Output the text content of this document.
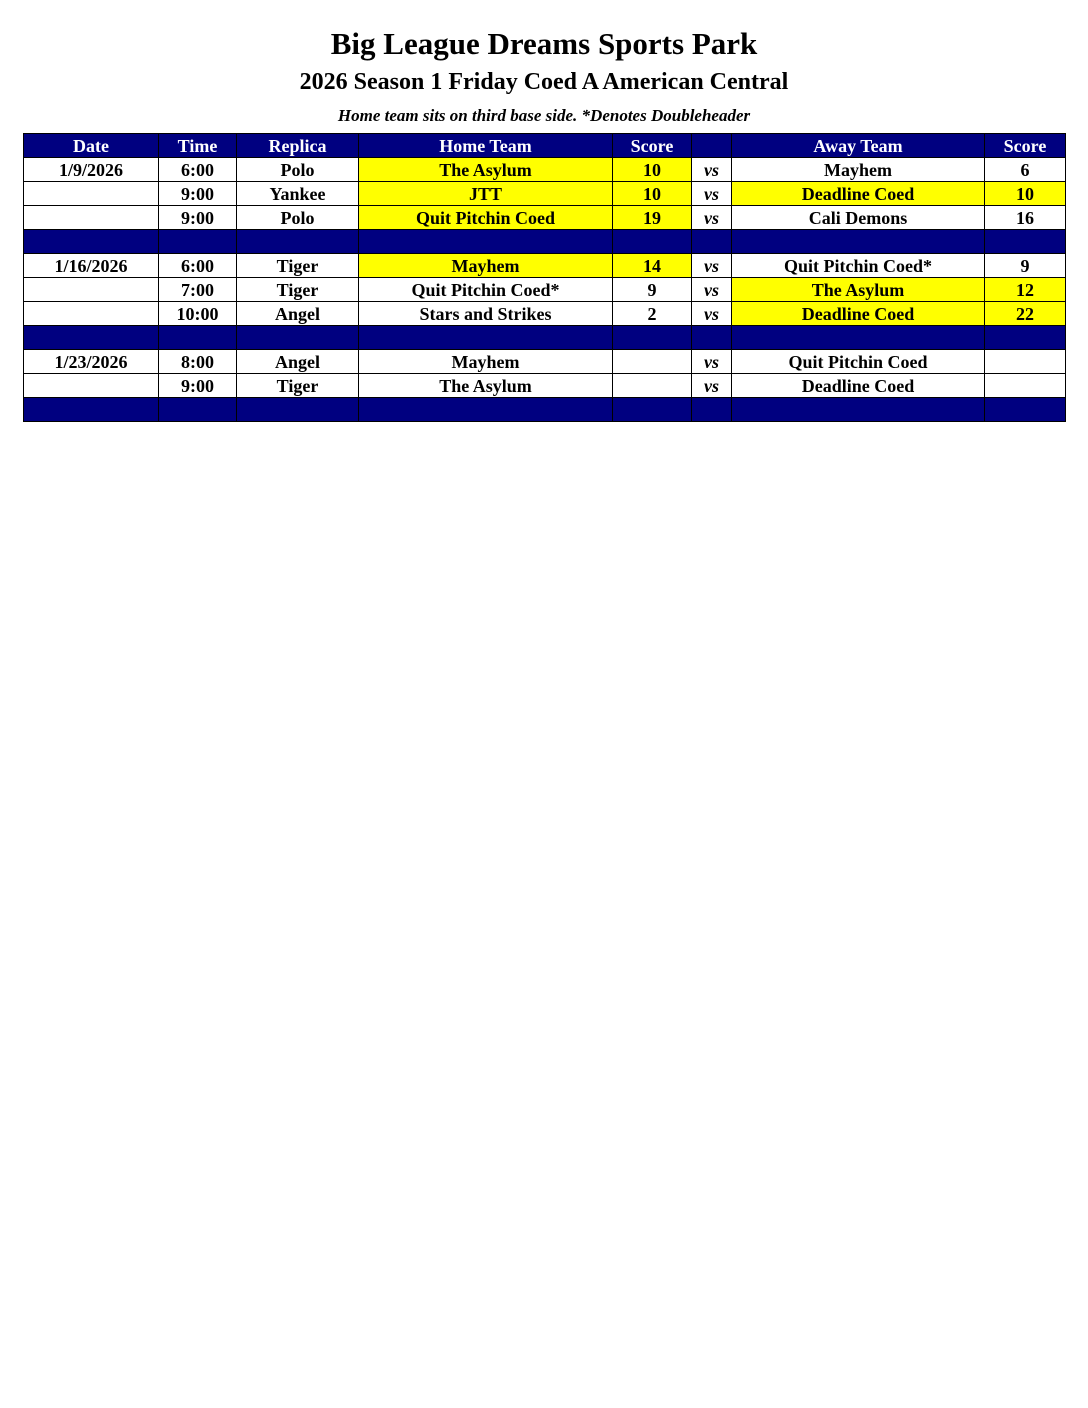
Big League Dreams Sports Park
2026 Season 1 Friday Coed A American Central
Home team sits on third base side. *Denotes Doubleheader
Date	Time	Replica	Home Team	Score		Away Team	Score
1/9/2026	6:00	Polo	The Asylum	10	vs	Mayhem	6
	9:00	Yankee	JTT	10	vs	Deadline Coed	10
	9:00	Polo	Quit Pitchin Coed	19	vs	Cali Demons	16

1/16/2026	6:00	Tiger	Mayhem	14	vs	Quit Pitchin Coed*	9
	7:00	Tiger	Quit Pitchin Coed*	9	vs	The Asylum	12
	10:00	Angel	Stars and Strikes	2	vs	Deadline Coed	22

1/23/2026	8:00	Angel	Mayhem		vs	Quit Pitchin Coed	
	9:00	Tiger	The Asylum		vs	Deadline Coed	
